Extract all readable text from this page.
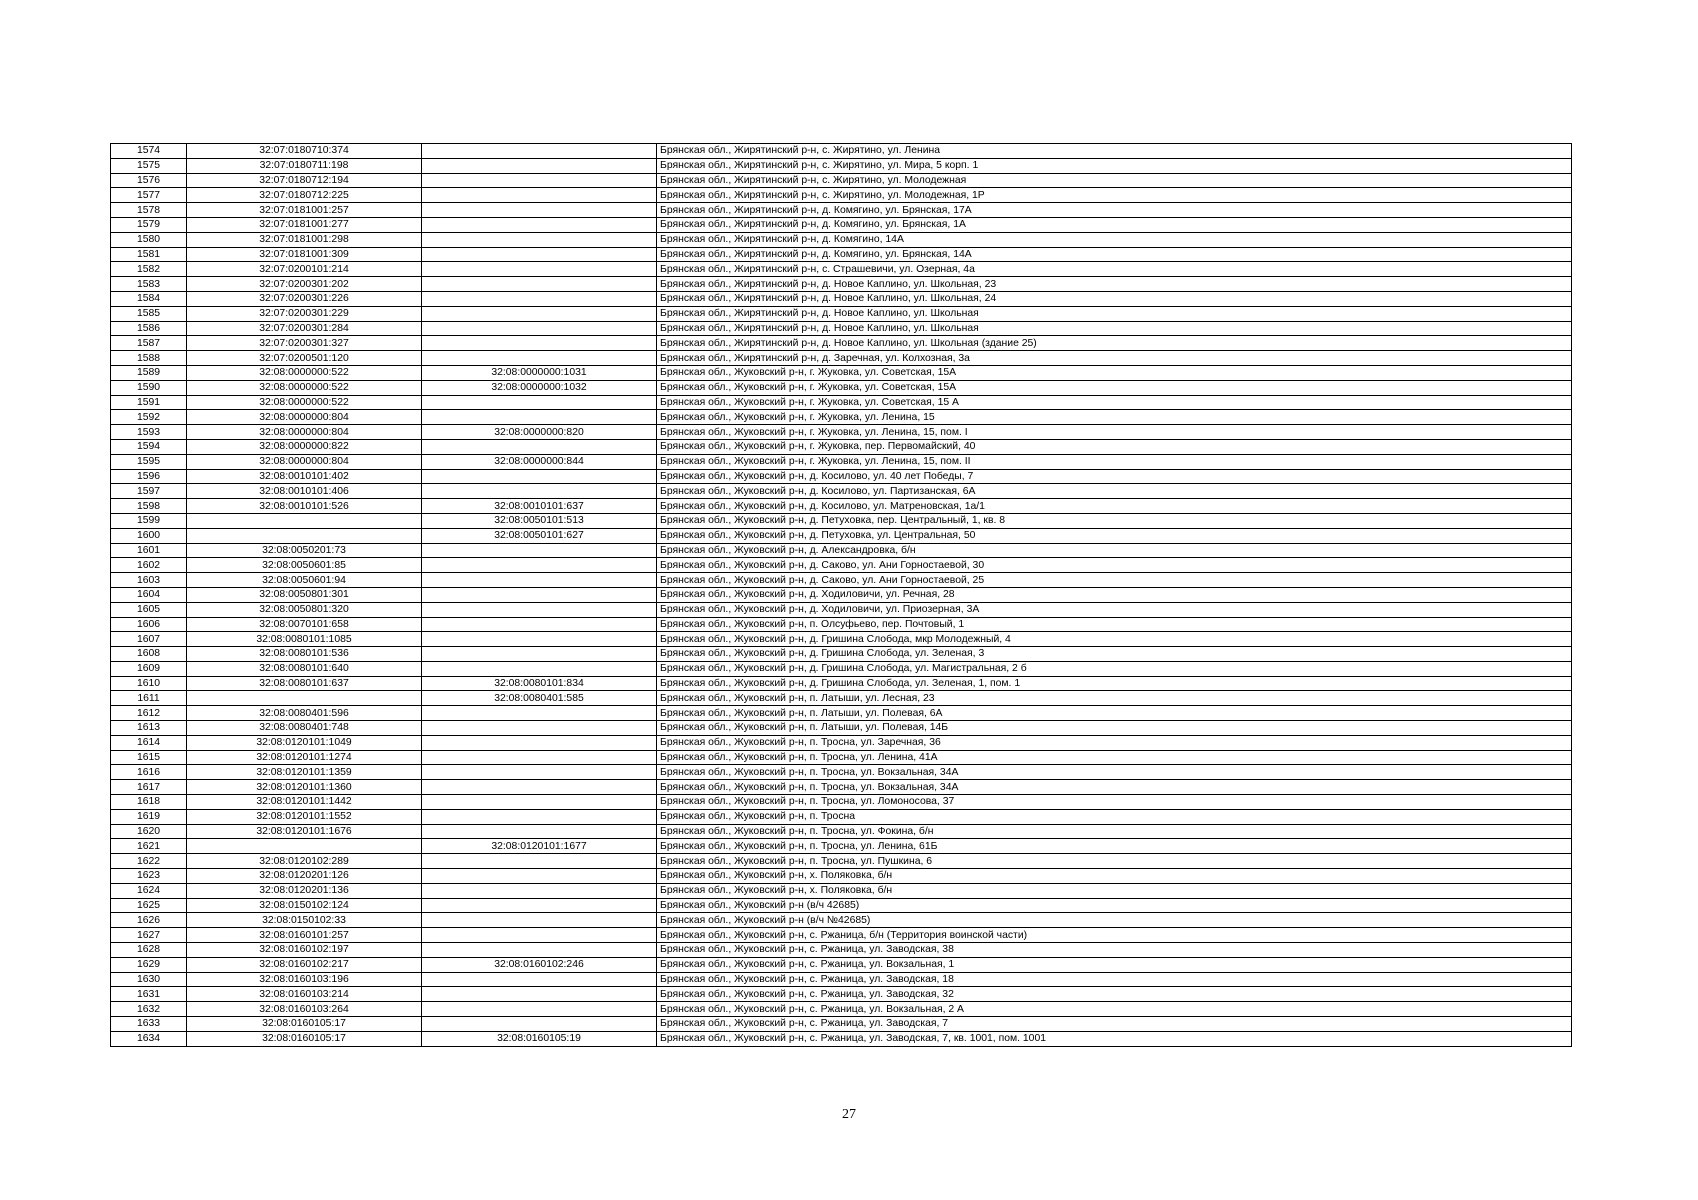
1574	32:07:0180710:374		Брянская обл., Жирятинский р-н, с. Жирятино, ул. Ленина
1575	32:07:0180711:198		Брянская обл., Жирятинский р-н, с. Жирятино, ул. Мира, 5 корп. 1
1576	32:07:0180712:194		Брянская обл., Жирятинский р-н, с. Жирятино, ул. Молодежная
1577	32:07:0180712:225		Брянская обл., Жирятинский р-н, с. Жирятино, ул. Молодежная, 1Р
1578	32:07:0181001:257		Брянская обл., Жирятинский р-н, д. Комягино, ул. Брянская, 17А
1579	32:07:0181001:277		Брянская обл., Жирятинский р-н, д. Комягино, ул. Брянская, 1А
1580	32:07:0181001:298		Брянская обл., Жирятинский р-н, д. Комягино, 14А
1581	32:07:0181001:309		Брянская обл., Жирятинский р-н, д. Комягино, ул. Брянская, 14А
1582	32:07:0200101:214		Брянская обл., Жирятинский р-н, с. Страшевичи, ул. Озерная, 4а
1583	32:07:0200301:202		Брянская обл., Жирятинский р-н, д. Новое Каплино, ул. Школьная, 23
1584	32:07:0200301:226		Брянская обл., Жирятинский р-н, д. Новое Каплино, ул. Школьная, 24
1585	32:07:0200301:229		Брянская обл., Жирятинский р-н, д. Новое Каплино, ул. Школьная
1586	32:07:0200301:284		Брянская обл., Жирятинский р-н, д. Новое Каплино, ул. Школьная
1587	32:07:0200301:327		Брянская обл., Жирятинский р-н, д. Новое Каплино, ул. Школьная (здание 25)
1588	32:07:0200501:120		Брянская обл., Жирятинский р-н, д. Заречная, ул. Колхозная, 3а
1589	32:08:0000000:522	32:08:0000000:1031	Брянская обл., Жуковский р-н, г. Жуковка, ул. Советская, 15А
1590	32:08:0000000:522	32:08:0000000:1032	Брянская обл., Жуковский р-н, г. Жуковка, ул. Советская, 15А
1591	32:08:0000000:522		Брянская обл., Жуковский р-н, г. Жуковка, ул. Советская, 15 А
1592	32:08:0000000:804		Брянская обл., Жуковский р-н, г. Жуковка, ул. Ленина, 15
1593	32:08:0000000:804	32:08:0000000:820	Брянская обл., Жуковский р-н, г. Жуковка, ул. Ленина, 15, пом. I
1594	32:08:0000000:822		Брянская обл., Жуковский р-н, г. Жуковка, пер. Первомайский, 40
1595	32:08:0000000:804	32:08:0000000:844	Брянская обл., Жуковский р-н, г. Жуковка, ул. Ленина, 15, пом. II
1596	32:08:0010101:402		Брянская обл., Жуковский р-н, д. Косилово, ул. 40 лет Победы, 7
1597	32:08:0010101:406		Брянская обл., Жуковский р-н, д. Косилово, ул. Партизанская, 6А
1598	32:08:0010101:526	32:08:0010101:637	Брянская обл., Жуковский р-н, д. Косилово, ул. Матреновская, 1а/1
1599		32:08:0050101:513	Брянская обл., Жуковский р-н, д. Петуховка, пер. Центральный, 1, кв. 8
1600		32:08:0050101:627	Брянская обл., Жуковский р-н, д. Петуховка, ул. Центральная, 50
1601	32:08:0050201:73		Брянская обл., Жуковский р-н, д. Александровка, б/н
1602	32:08:0050601:85		Брянская обл., Жуковский р-н, д. Саково, ул. Ани Горностаевой, 30
1603	32:08:0050601:94		Брянская обл., Жуковский р-н, д. Саково, ул. Ани Горностаевой, 25
1604	32:08:0050801:301		Брянская обл., Жуковский р-н, д. Ходиловичи, ул. Речная, 28
1605	32:08:0050801:320		Брянская обл., Жуковский р-н, д. Ходиловичи, ул. Приозерная, 3А
1606	32:08:0070101:658		Брянская обл., Жуковский р-н, п. Олсуфьево, пер. Почтовый, 1
1607	32:08:0080101:1085		Брянская обл., Жуковский р-н, д. Гришина Слобода, мкр Молодежный, 4
1608	32:08:0080101:536		Брянская обл., Жуковский р-н, д. Гришина Слобода, ул. Зеленая, 3
1609	32:08:0080101:640		Брянская обл., Жуковский р-н, д. Гришина Слобода, ул. Магистральная, 2 б
1610	32:08:0080101:637	32:08:0080101:834	Брянская обл., Жуковский р-н, д. Гришина Слобода, ул. Зеленая, 1, пом. 1
1611		32:08:0080401:585	Брянская обл., Жуковский р-н, п. Латыши, ул. Лесная, 23
1612	32:08:0080401:596		Брянская обл., Жуковский р-н, п. Латыши, ул. Полевая, 6А
1613	32:08:0080401:748		Брянская обл., Жуковский р-н, п. Латыши, ул. Полевая, 14Б
1614	32:08:0120101:1049		Брянская обл., Жуковский р-н, п. Тросна, ул. Заречная, 36
1615	32:08:0120101:1274		Брянская обл., Жуковский р-н, п. Тросна, ул. Ленина, 41А
1616	32:08:0120101:1359		Брянская обл., Жуковский р-н, п. Тросна, ул. Вокзальная, 34А
1617	32:08:0120101:1360		Брянская обл., Жуковский р-н, п. Тросна, ул. Вокзальная, 34А
1618	32:08:0120101:1442		Брянская обл., Жуковский р-н, п. Тросна, ул. Ломоносова, 37
1619	32:08:0120101:1552		Брянская обл., Жуковский р-н, п. Тросна
1620	32:08:0120101:1676		Брянская обл., Жуковский р-н, п. Тросна, ул. Фокина, б/н
1621		32:08:0120101:1677	Брянская обл., Жуковский р-н, п. Тросна, ул. Ленина, 61Б
1622	32:08:0120102:289		Брянская обл., Жуковский р-н, п. Тросна, ул. Пушкина, 6
1623	32:08:0120201:126		Брянская обл., Жуковский р-н, х. Поляковка, б/н
1624	32:08:0120201:136		Брянская обл., Жуковский р-н, х. Поляковка, б/н
1625	32:08:0150102:124		Брянская обл., Жуковский р-н (в/ч 42685)
1626	32:08:0150102:33		Брянская обл., Жуковский р-н (в/ч №42685)
1627	32:08:0160101:257		Брянская обл., Жуковский р-н, с. Ржаница, б/н (Территория воинской части)
1628	32:08:0160102:197		Брянская обл., Жуковский р-н, с. Ржаница, ул. Заводская, 38
1629	32:08:0160102:217	32:08:0160102:246	Брянская обл., Жуковский р-н, с. Ржаница, ул. Вокзальная, 1
1630	32:08:0160103:196		Брянская обл., Жуковский р-н, с. Ржаница, ул. Заводская, 18
1631	32:08:0160103:214		Брянская обл., Жуковский р-н, с. Ржаница, ул. Заводская, 32
1632	32:08:0160103:264		Брянская обл., Жуковский р-н, с. Ржаница, ул. Вокзальная, 2 А
1633	32:08:0160105:17		Брянская обл., Жуковский р-н, с. Ржаница, ул. Заводская, 7
1634	32:08:0160105:17	32:08:0160105:19	Брянская обл., Жуковский р-н, с. Ржаница, ул. Заводская, 7, кв. 1001, пом. 1001
27
